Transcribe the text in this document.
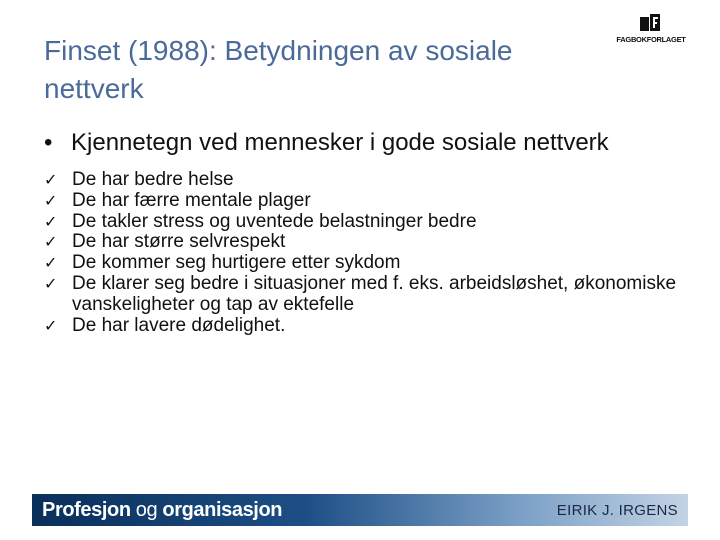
Finset (1988): Betydningen av sosiale nettverk
FAGBOKFORLAGET
• Kjennetegn ved mennesker i gode sosiale nettverk
✓ De har bedre helse
✓ De har færre mentale plager
✓ De takler stress og uventede belastninger bedre
✓ De har større selvrespekt
✓ De kommer seg hurtigere etter sykdom
✓ De klarer seg bedre i situasjoner med f. eks. arbeidsløshet, økonomiske vanskeligheter og tap av ektefelle
✓ De har lavere dødelighet.
Profesjon og organisasjon	EIRIK J. IRGENS
